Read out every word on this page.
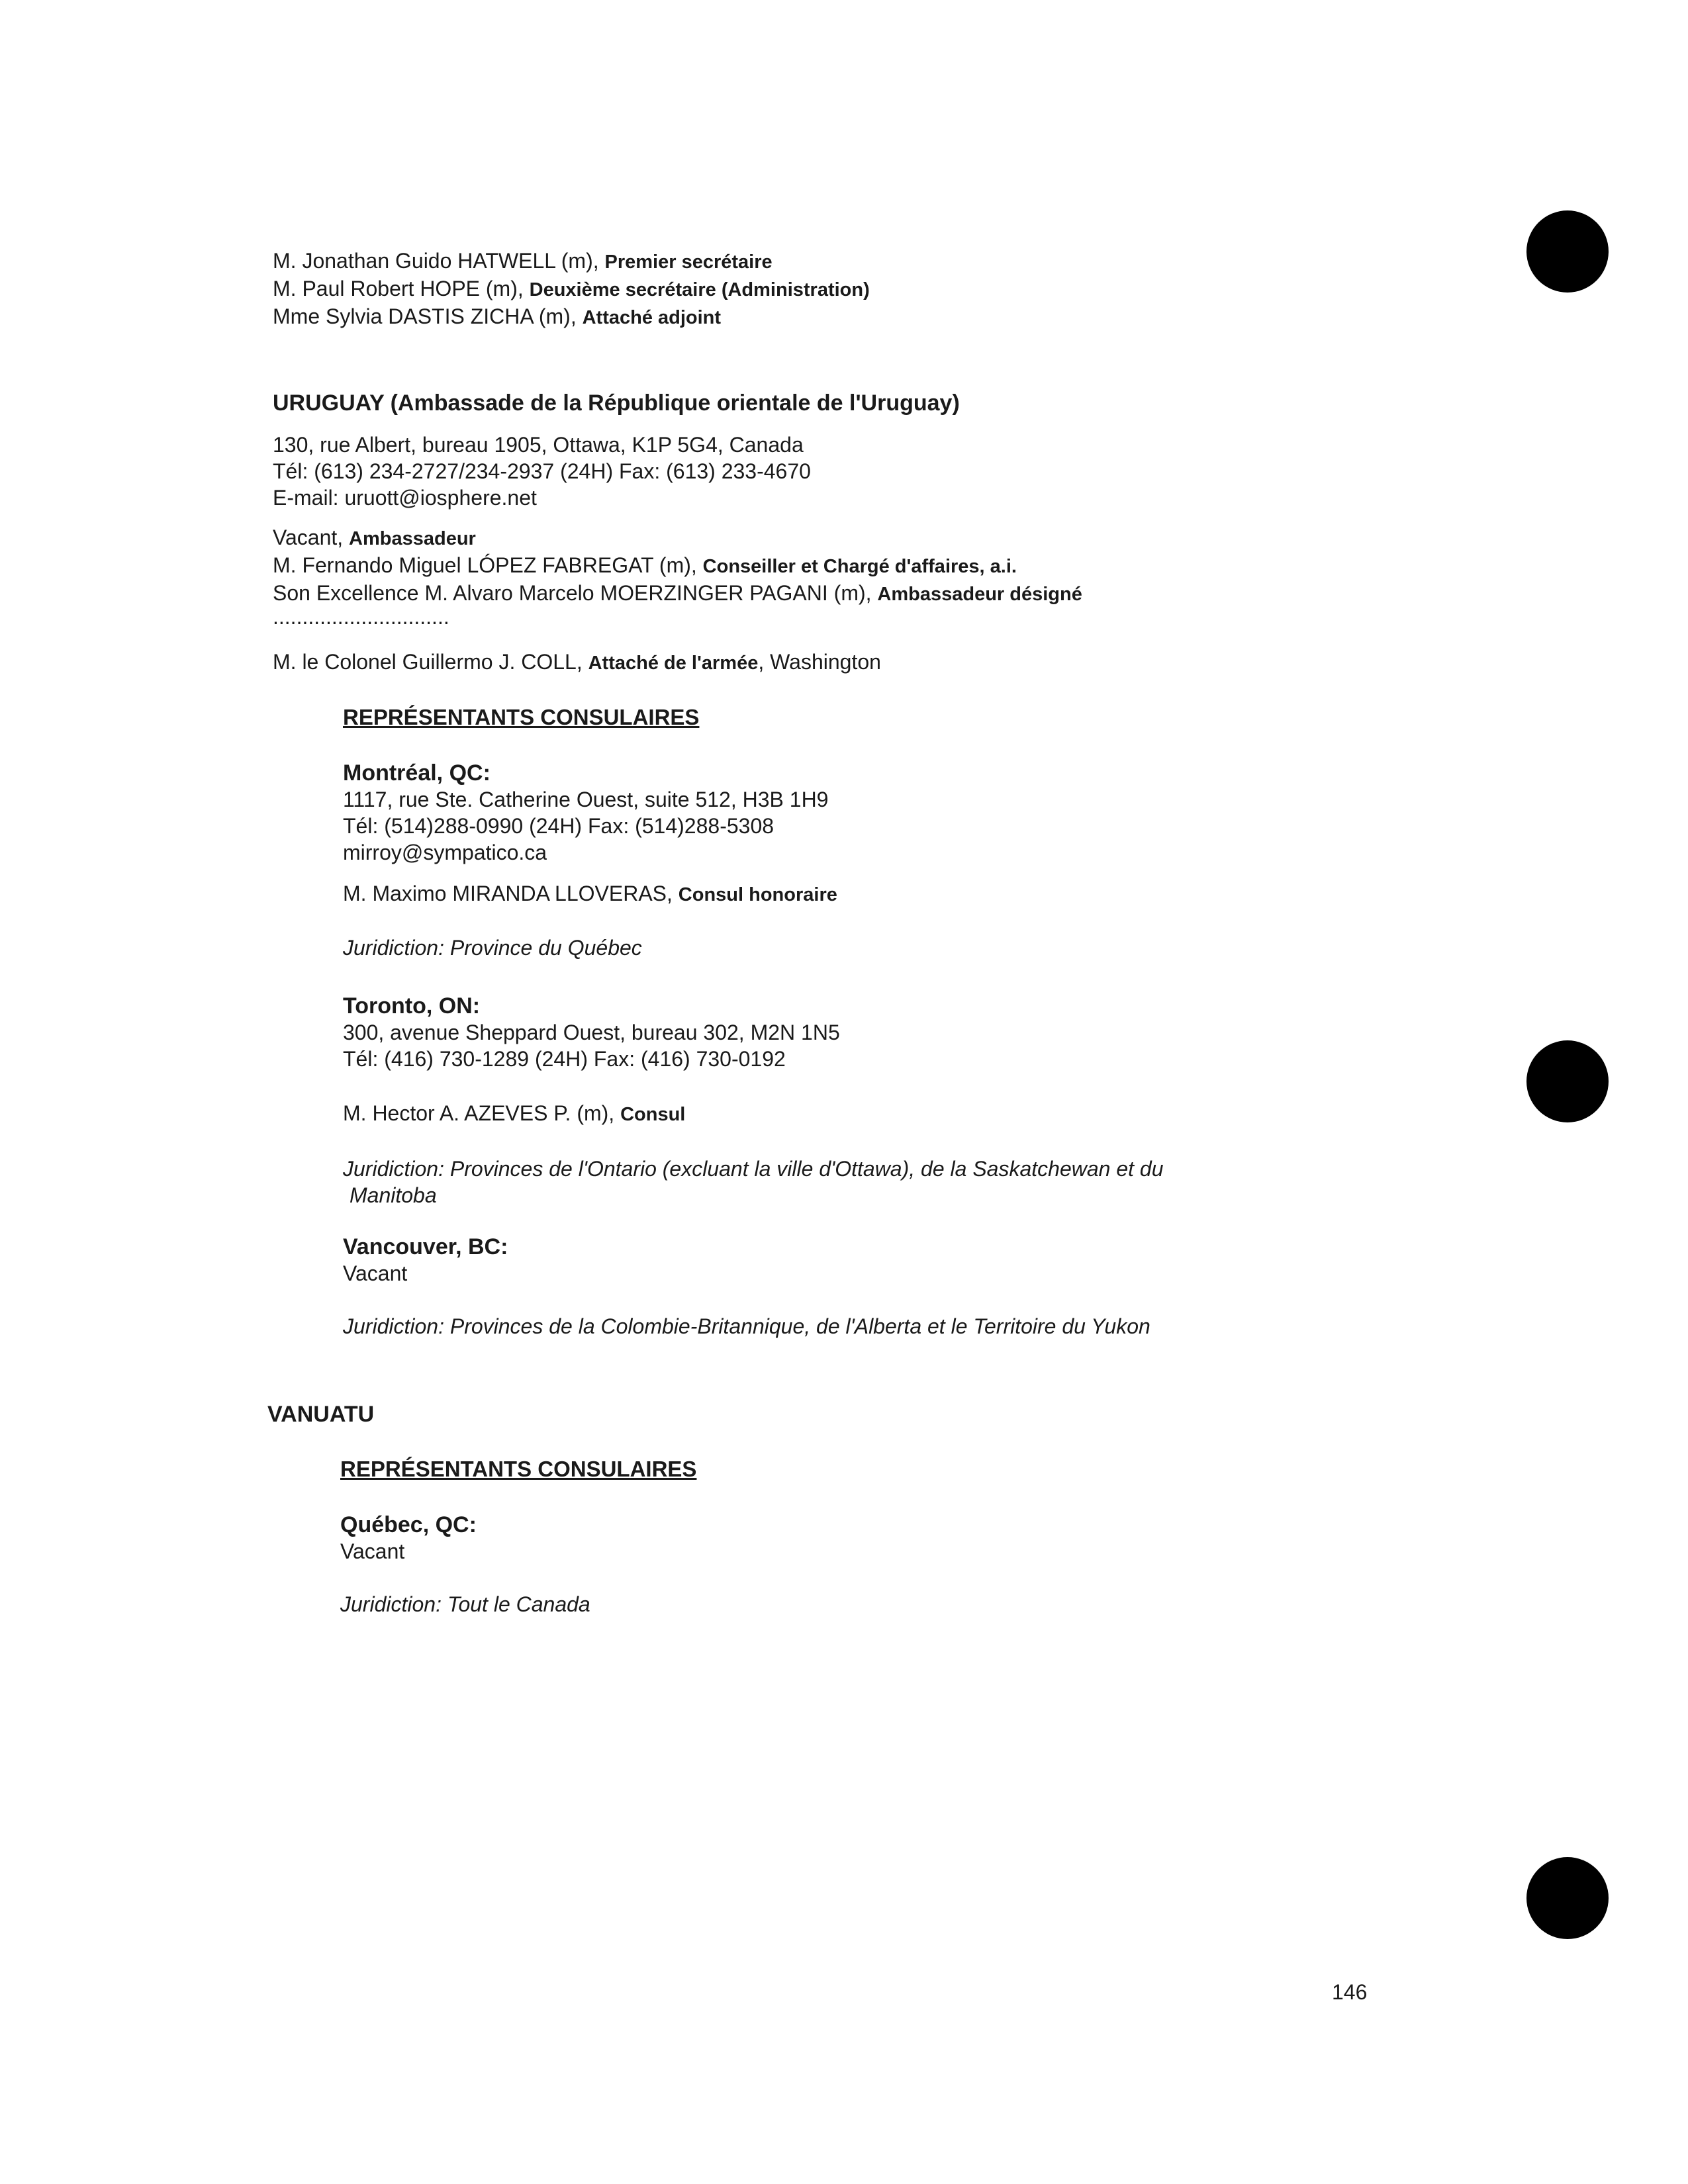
M. Jonathan Guido HATWELL (m), Premier secrétaire
M. Paul Robert HOPE (m), Deuxième secrétaire (Administration)
Mme Sylvia DASTIS ZICHA (m), Attaché adjoint
URUGUAY (Ambassade de la République orientale de l'Uruguay)
130, rue Albert, bureau 1905, Ottawa, K1P 5G4, Canada
Tél: (613) 234-2727/234-2937 (24H) Fax: (613) 233-4670
E-mail: uruott@iosphere.net
Vacant, Ambassadeur
M. Fernando Miguel LÓPEZ FABREGAT (m), Conseiller et Chargé d'affaires, a.i.
Son Excellence M. Alvaro Marcelo MOERZINGER PAGANI (m), Ambassadeur désigné
..............................
M. le Colonel Guillermo J. COLL, Attaché de l'armée, Washington
REPRÉSENTANTS CONSULAIRES
Montréal, QC:
1117, rue Ste. Catherine Ouest, suite 512, H3B 1H9
Tél: (514)288-0990 (24H) Fax: (514)288-5308
mirroy@sympatico.ca
M. Maximo MIRANDA LLOVERAS, Consul honoraire
Juridiction: Province du Québec
Toronto, ON:
300, avenue Sheppard Ouest, bureau 302, M2N 1N5
Tél: (416) 730-1289 (24H) Fax: (416) 730-0192
M. Hector A. AZEVES P. (m), Consul
Juridiction: Provinces de l'Ontario (excluant la ville d'Ottawa), de la Saskatchewan et du
Manitoba
Vancouver, BC:
Vacant
Juridiction: Provinces de la Colombie-Britannique, de l'Alberta et le Territoire du Yukon
VANUATU
REPRÉSENTANTS CONSULAIRES
Québec, QC:
Vacant
Juridiction: Tout le Canada
146
